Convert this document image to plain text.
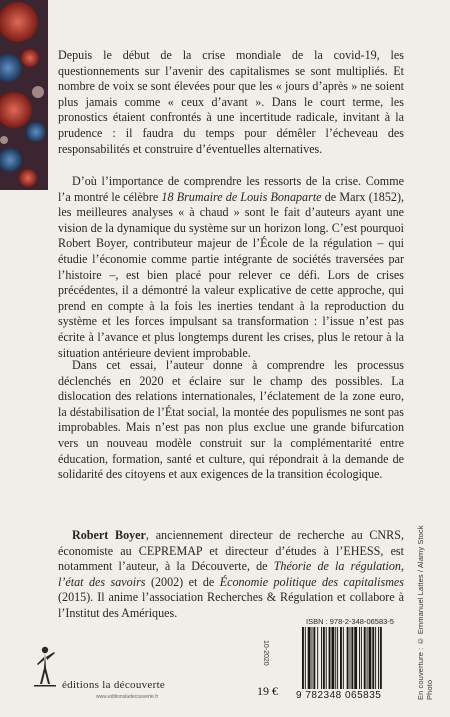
Depuis le début de la crise mondiale de la covid-19, les questionnements sur l’avenir des capitalismes se sont multipliés. Et nombre de voix se sont élevées pour que les « jours d’après » ne soient plus jamais comme « ceux d’avant ». Dans le court terme, les pronostics étaient confrontés à une incertitude radicale, invitant à la prudence : il faudra du temps pour démêler l’écheveau des responsabilités et construire d’éventuelles alternatives.

D’où l’importance de comprendre les ressorts de la crise. Comme l’a montré le célèbre 18 Brumaire de Louis Bonaparte de Marx (1852), les meilleures analyses « à chaud » sont le fait d’auteurs ayant une vision de la dynamique du système sur un horizon long. C’est pourquoi Robert Boyer, contributeur majeur de l’École de la régulation – qui étudie l’économie comme partie intégrante de sociétés traversées par l’histoire –, est bien placé pour relever ce défi. Lors de crises précédentes, il a démontré la valeur explicative de cette approche, qui prend en compte à la fois les inerties tendant à la reproduction du système et les forces impulsant sa transformation : l’issue n’est pas écrite à l’avance et plus longtemps durent les crises, plus le retour à la situation antérieure devient improbable.

Dans cet essai, l’auteur donne à comprendre les processus déclenchés en 2020 et éclaire sur le champ des possibles. La dislocation des relations internationales, l’éclatement de la zone euro, la déstabilisation de l’État social, la montée des populismes ne sont pas improbables. Mais n’est pas non plus exclue une grande bifurcation vers un nouveau modèle construit sur la complémentarité entre éducation, formation, santé et culture, qui répondrait à la demande de solidarité des citoyens et aux exigences de la transition écologique.

Robert Boyer, anciennement directeur de recherche au CNRS, économiste au CEPREMAP et directeur d’études à l’EHESS, est notamment l’auteur, à la Découverte, de Théorie de la régulation, l’état des savoirs (2002) et de Économie politique des capitalismes (2015). Il anime l’association Recherches & Régulation et collabore à l’Institut des Amériques.	En couverture : © Emmanuel Lattes / Alamy Stock Photo
10-2020
ISBN : 978-2-348-06583-5
9 782348 065835
19 €
éditions la découverte
www.editionsladecouverte.fr
